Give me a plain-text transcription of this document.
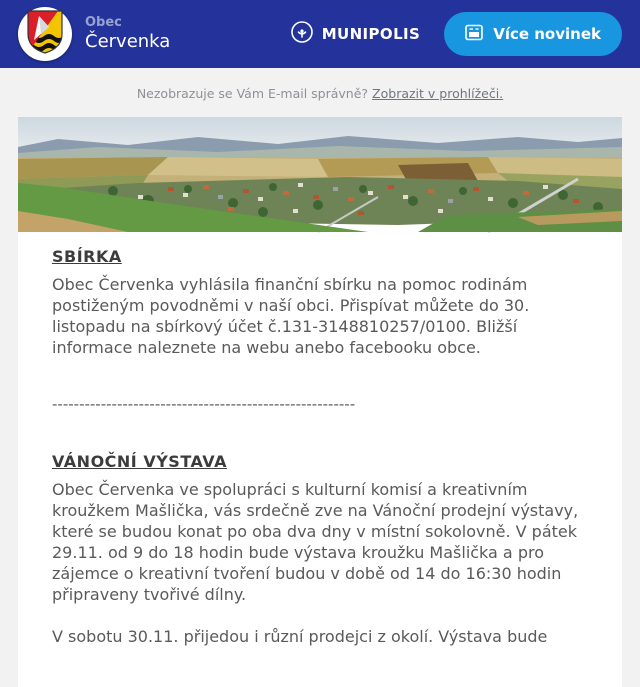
Obec
Červenka	MUNIPOLIS	Více novinek
Nezobrazuje se Vám E-mail správně? Zobrazit v prohlížeči.
SBÍRKA

Obec Červenka vyhlásila finanční sbírku na pomoc rodinám postiženým povodněmi v naší obci. Přispívat můžete do 30. listopadu na sbírkový účet č.131-3148810257/0100. Bližší informace naleznete na webu anebo facebooku obce.

--------------------------------------------------------

VÁNOČNÍ VÝSTAVA

Obec Červenka ve spolupráci s kulturní komisí a kreativním kroužkem Mašlička, vás srdečně zve na Vánoční prodejní výstavy, které se budou konat po oba dva dny v místní sokolovně. V pátek 29.11. od 9 do 18 hodin bude výstava kroužku Mašlička a pro zájemce o kreativní tvoření budou v době od 14 do 16:30 hodin připraveny tvořivé dílny.

V sobotu 30.11. přijedou i různí prodejci z okolí. Výstava bude
